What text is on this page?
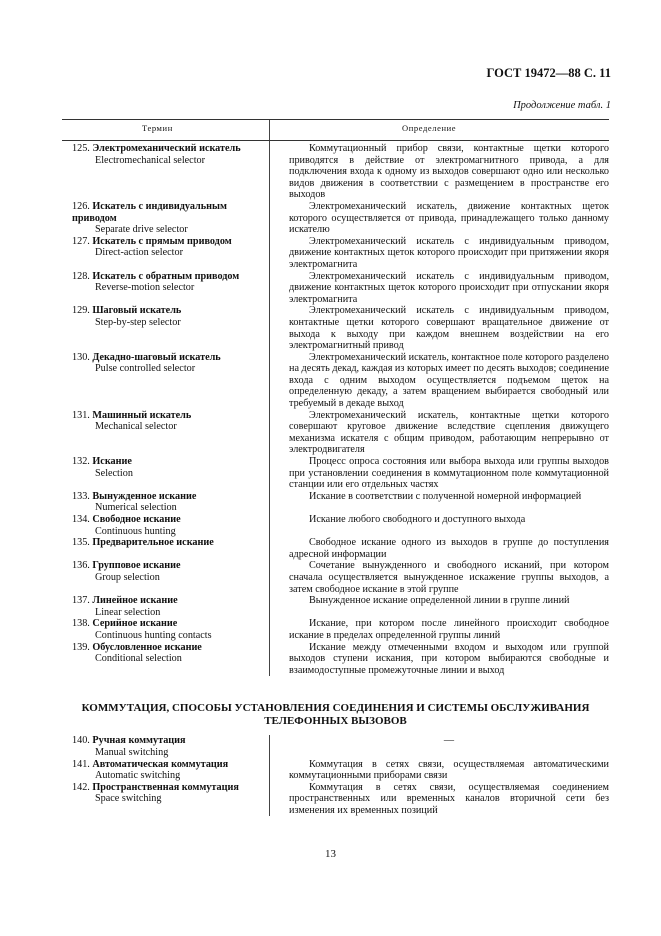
ГОСТ 19472—88 С. 11
Продолжение табл. 1
Термин	Определение
125. Электромеханический искатель
Electromechanical selector
Коммутационный прибор связи, контактные щетки которого приводятся в действие от электромагнитного привода, а для подключения входа к одному из выходов совершают одно или несколько видов движения в соответствии с размещением в пространстве его выходов
126. Искатель с индивидуальным приводом
Separate drive selector
Электромеханический искатель, движение контактных щеток которого осуществляется от привода, принадлежащего только данному искателю
127. Искатель с прямым приводом
Direct-action selector
Электромеханический искатель с индивидуальным приводом, движение контактных щеток которого происходит при притяжении якоря электромагнита
128. Искатель с обратным приводом
Reverse-motion selector
Электромеханический искатель с индивидуальным приводом, движение контактных щеток которого происходит при отпускании якоря электромагнита
129. Шаговый искатель
Step-by-step selector
Электромеханический искатель с индивидуальным приводом, контактные щетки которого совершают вращательное движение от выхода к выходу при каждом внешнем воздействии на его электромагнитный привод
130. Декадно-шаговый искатель
Pulse controlled selector
Электромеханический искатель, контактное поле которого разделено на десять декад, каждая из которых имеет по десять выходов; соединение входа с одним выходом осуществляется подъемом щеток на определенную декаду, а затем вращением выбирается свободный или требуемый в декаде выход
131. Машинный искатель
Mechanical selector
Электромеханический искатель, контактные щетки которого совершают круговое движение вследствие сцепления движущего механизма искателя с общим приводом, работающим непрерывно от электродвигателя
132. Искание
Selection
Процесс опроса состояния или выбора выхода или группы выходов при установлении соединения в коммутационном поле коммутационной станции или его отдельных частях
133. Вынужденное искание
Numerical selection
Искание в соответствии с полученной номерной информацией
134. Свободное искание
Continuous hunting
Искание любого свободного и доступного выхода
135. Предварительное искание	Свободное искание одного из выходов в группе до поступления адресной информации
136. Групповое искание
Group selection
Сочетание вынужденного и свободного исканий, при котором сначала осуществляется вынужденное искажение группы выходов, а затем свободное искание в этой группе
137. Линейное искание
Linear selection
Вынужденное искание определенной линии в группе линий
138. Серийное искание
Continuous hunting contacts
Искание, при котором после линейного происходит свободное искание в пределах определенной группы линий
139. Обусловленное искание
Conditional selection
Искание между отмеченными входом и выходом или группой выходов ступени искания, при котором выбираются свободные и взаимодоступные промежуточные линии и выход
КОММУТАЦИЯ, СПОСОБЫ УСТАНОВЛЕНИЯ СОЕДИНЕНИЯ И СИСТЕМЫ ОБСЛУЖИВАНИЯ ТЕЛЕФОННЫХ ВЫЗОВОВ
140. Ручная коммутация
Manual switching
—
141. Автоматическая коммутация
Automatic switching
Коммутация в сетях связи, осуществляемая автоматическими коммутационными приборами связи
142. Пространственная коммутация
Space switching
Коммутация в сетях связи, осуществляемая соединением пространственных или временных каналов вторичной сети без изменения их временных позиций
13
